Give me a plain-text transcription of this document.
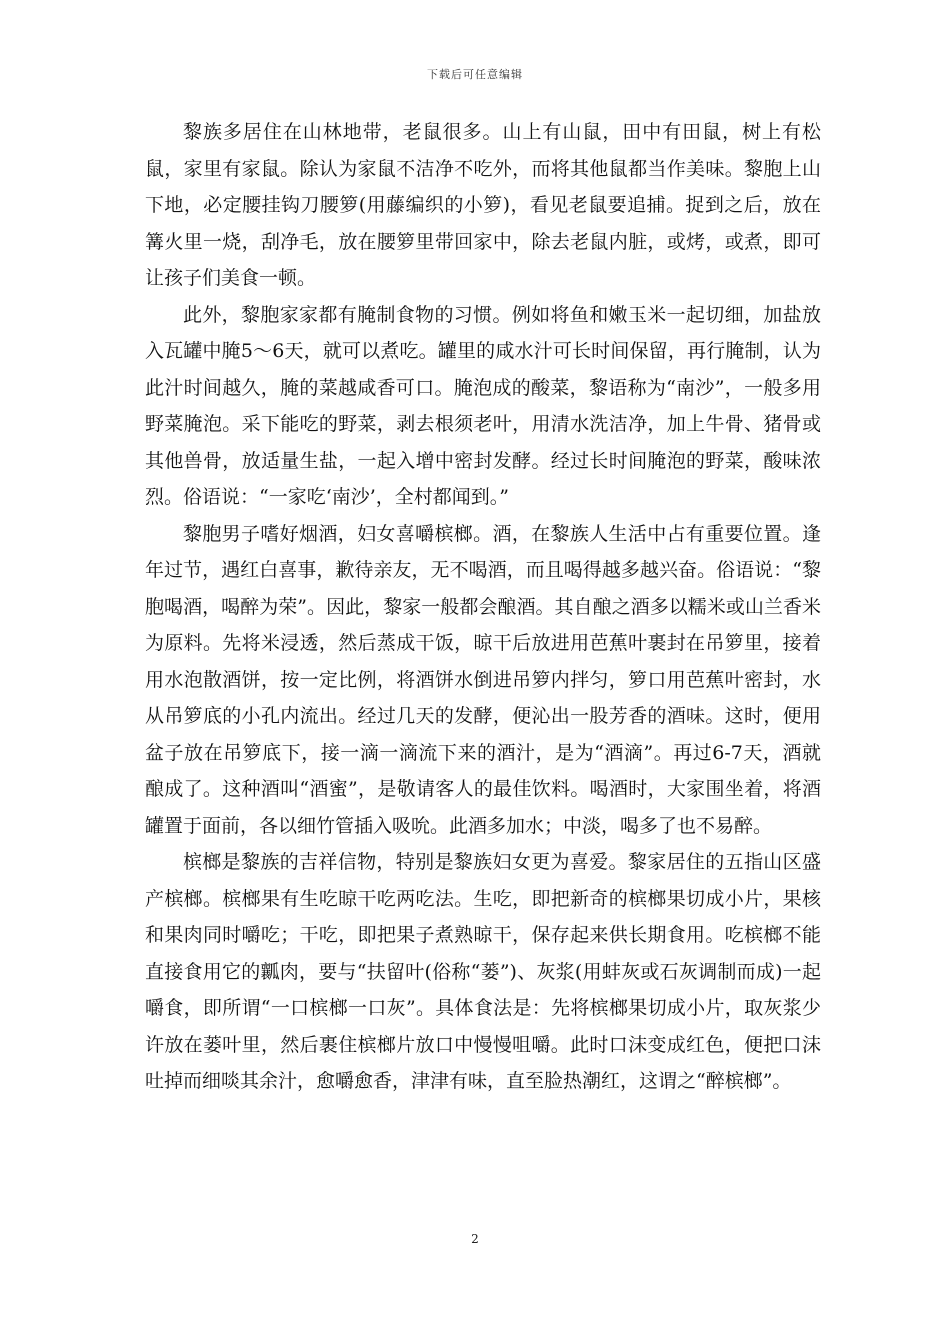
下载后可任意编辑

黎族多居住在山林地带，老鼠很多。山上有山鼠，田中有田鼠，树上有松鼠，家里有家鼠。除认为家鼠不洁净不吃外，而将其他鼠都当作美味。黎胞上山下地，必定腰挂钩刀腰箩(用藤编织的小箩)，看见老鼠要追捕。捉到之后，放在篝火里一烧，刮净毛，放在腰箩里带回家中，除去老鼠内脏，或烤，或煮，即可让孩子们美食一顿。

此外，黎胞家家都有腌制食物的习惯。例如将鱼和嫩玉米一起切细，加盐放入瓦罐中腌5～6天，就可以煮吃。罐里的咸水汁可长时间保留，再行腌制，认为此汁时间越久，腌的菜越咸香可口。腌泡成的酸菜，黎语称为“南沙”，一般多用野菜腌泡。采下能吃的野菜，剥去根须老叶，用清水洗洁净，加上牛骨、猪骨或其他兽骨，放适量生盐，一起入增中密封发酵。经过长时间腌泡的野菜，酸味浓烈。俗语说：“一家吃‘南沙’，全村都闻到。”

黎胞男子嗜好烟酒，妇女喜嚼槟榔。酒，在黎族人生活中占有重要位置。逢年过节，遇红白喜事，歉待亲友，无不喝酒，而且喝得越多越兴奋。俗语说：“黎胞喝酒，喝醉为荣”。因此，黎家一般都会酿酒。其自酿之酒多以糯米或山兰香米为原料。先将米浸透，然后蒸成干饭，晾干后放进用芭蕉叶裹封在吊箩里，接着用水泡散酒饼，按一定比例，将酒饼水倒进吊箩内拌匀，箩口用芭蕉叶密封，水从吊箩底的小孔内流出。经过几天的发酵，便沁出一股芳香的酒味。这时，便用盆子放在吊箩底下，接一滴一滴流下来的酒汁，是为“酒滴”。再过6-7天，酒就酿成了。这种酒叫“酒蜜”，是敬请客人的最佳饮料。喝酒时，大家围坐着，将酒罐置于面前，各以细竹管插入吸吮。此酒多加水；中淡，喝多了也不易醉。

槟榔是黎族的吉祥信物，特别是黎族妇女更为喜爱。黎家居住的五指山区盛产槟榔。槟榔果有生吃晾干吃两吃法。生吃，即把新奇的槟榔果切成小片，果核和果肉同时嚼吃；干吃，即把果子煮熟晾干，保存起来供长期食用。吃槟榔不能直接食用它的瓤肉，要与“扶留叶(俗称“蒌”)、灰浆(用蚌灰或石灰调制而成)一起嚼食，即所谓“一口槟榔一口灰”。具体食法是：先将槟榔果切成小片，取灰浆少许放在蒌叶里，然后裹住槟榔片放口中慢慢咀嚼。此时口沫变成红色，便把口沫吐掉而细啖其余汁，愈嚼愈香，津津有味，直至脸热潮红，这谓之“醉槟榔”。

2
